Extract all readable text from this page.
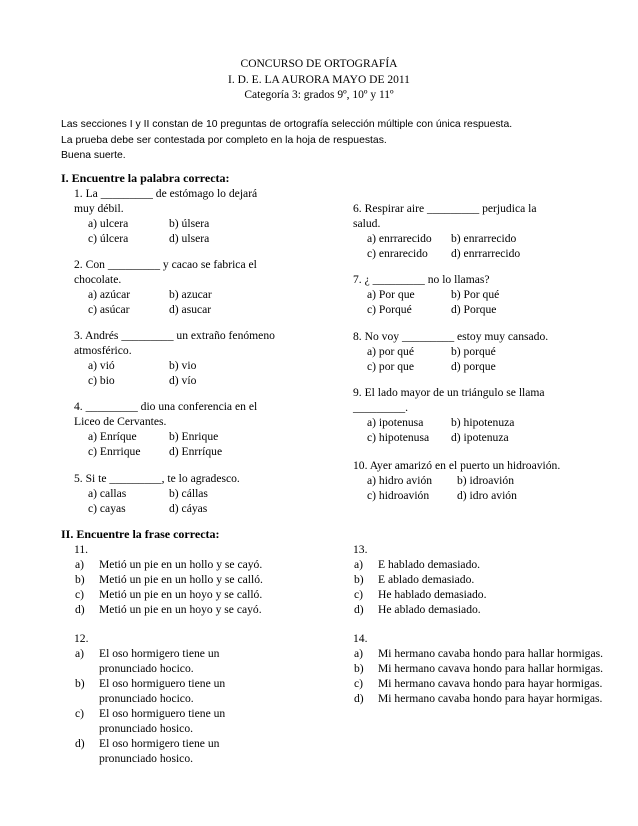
CONCURSO DE ORTOGRAFÍA
I. D. E. LA AURORA MAYO DE 2011
Categoría 3: grados 9º, 10º y 11º
Las secciones I y II constan de 10 preguntas de ortografía selección múltiple con única respuesta.
La prueba debe ser contestada por completo en la hoja de respuestas.
Buena suerte.
I. Encuentre la palabra correcta:
1. La _________ de estómago lo dejará
muy débil.
a) ulcera	b) úlsera
c) úlcera	d) ulsera
2. Con _________ y cacao se fabrica el
chocolate.
a) azúcar	b) azucar
c) asúcar	d) asucar
3. Andrés _________ un extraño fenómeno
atmosférico.
a) vió	b) vio
c) bio	d) vío
4. _________ dio una conferencia en el
Liceo de Cervantes.
a) Enríque	b) Enrique
c) Enrrique	d) Enrríque
5. Si te _________, te lo agradesco.
a) callas	b) cállas
c) cayas	d) cáyas
6. Respirar aire _________ perjudica la
salud.
a) enrrarecido	b) enrarrecido
c) enrarecido	d) enrrarrecido
7. ¿ _________ no lo llamas?
a) Por que	b) Por qué
c) Porqué	d) Porque
8. No voy _________ estoy muy cansado.
a) por qué	b) porqué
c) por que	d) porque
9. El lado mayor de un triángulo se llama
_________.
a) ipotenusa	b) hipotenuza
c) hipotenusa	d) ipotenuza
10. Ayer amarizó en el puerto un hidroavión.
a) hidro avión	b) idroavión
c) hidroavión	d) idro avión
II. Encuentre la frase correcta:
11.
a)	Metió un pie en un hollo y se cayó.
b)	Metió un pie en un hollo y se calló.
c)	Metió un pie en un hoyo y se calló.
d)	Metió un pie en un hoyo y se cayó.
12.
a)	El oso hormigero tiene un pronunciado hocico.
b)	El oso hormiguero tiene un pronunciado hocico.
c)	El oso hormiguero tiene un pronunciado hosico.
d)	El oso hormigero tiene un pronunciado hosico.
13.
a)	E hablado demasiado.
b)	E ablado demasiado.
c)	He hablado demasiado.
d)	He ablado demasiado.
14.
a)	Mi hermano cavaba hondo para hallar hormigas.
b)	Mi hermano cavava hondo para hallar hormigas.
c)	Mi hermano cavava hondo para hayar hormigas.
d)	Mi hermano cavaba hondo para hayar hormigas.
